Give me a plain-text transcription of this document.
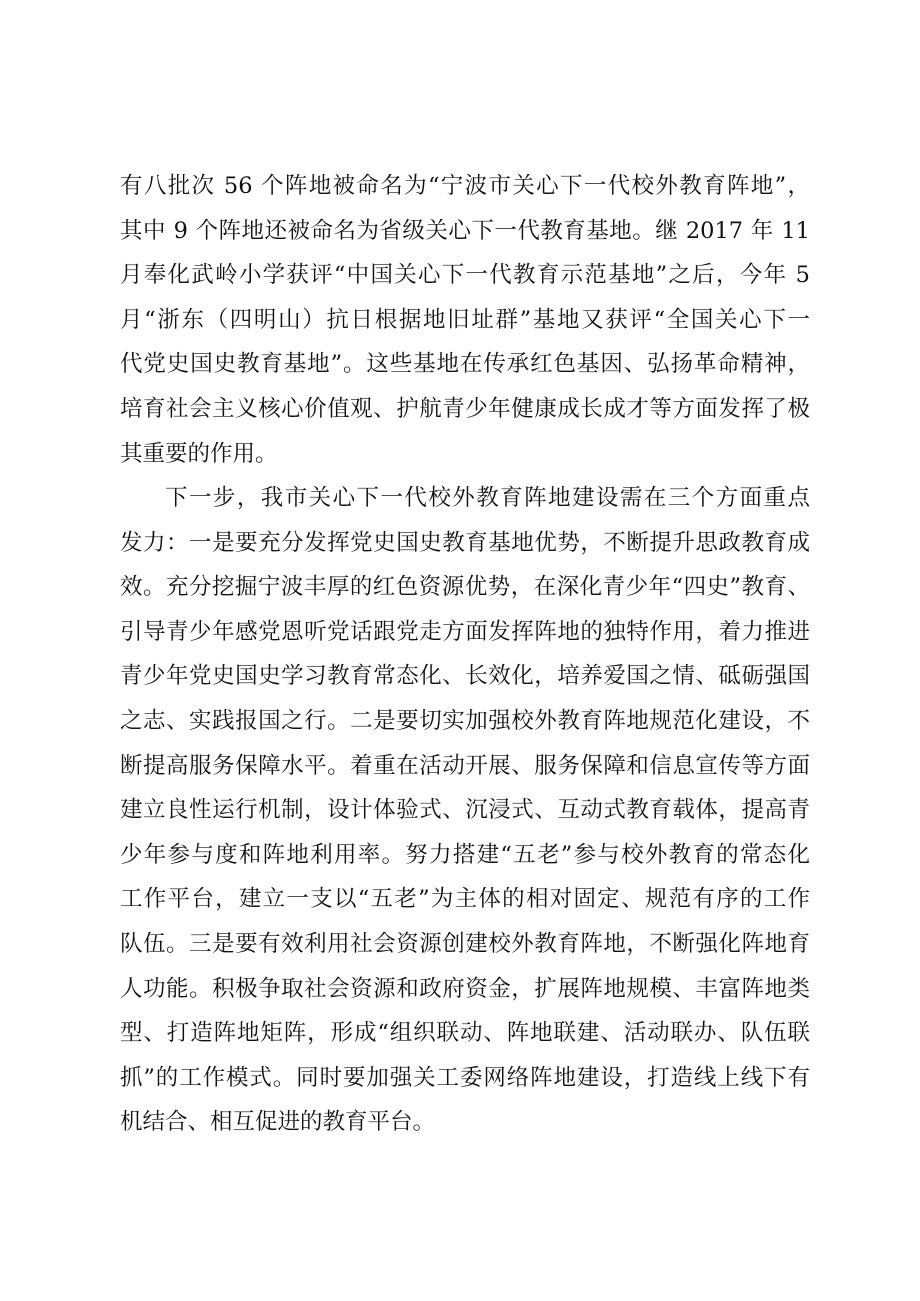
有八批次 56 个阵地被命名为“宁波市关心下一代校外教育阵地”，
其中 9 个阵地还被命名为省级关心下一代教育基地。继 2017 年 11
月奉化武岭小学获评“中国关心下一代教育示范基地”之后，今年 5
月“浙东（四明山）抗日根据地旧址群”基地又获评“全国关心下一
代党史国史教育基地”。这些基地在传承红色基因、弘扬革命精神，
培育社会主义核心价值观、护航青少年健康成长成才等方面发挥了极
其重要的作用。
下一步，我市关心下一代校外教育阵地建设需在三个方面重点
发力：一是要充分发挥党史国史教育基地优势，不断提升思政教育成
效。充分挖掘宁波丰厚的红色资源优势，在深化青少年“四史”教育、
引导青少年感党恩听党话跟党走方面发挥阵地的独特作用，着力推进
青少年党史国史学习教育常态化、长效化，培养爱国之情、砥砺强国
之志、实践报国之行。二是要切实加强校外教育阵地规范化建设，不
断提高服务保障水平。着重在活动开展、服务保障和信息宣传等方面
建立良性运行机制，设计体验式、沉浸式、互动式教育载体，提高青
少年参与度和阵地利用率。努力搭建“五老”参与校外教育的常态化
工作平台，建立一支以“五老”为主体的相对固定、规范有序的工作
队伍。三是要有效利用社会资源创建校外教育阵地，不断强化阵地育
人功能。积极争取社会资源和政府资金，扩展阵地规模、丰富阵地类
型、打造阵地矩阵，形成“组织联动、阵地联建、活动联办、队伍联
抓”的工作模式。同时要加强关工委网络阵地建设，打造线上线下有
机结合、相互促进的教育平台。
